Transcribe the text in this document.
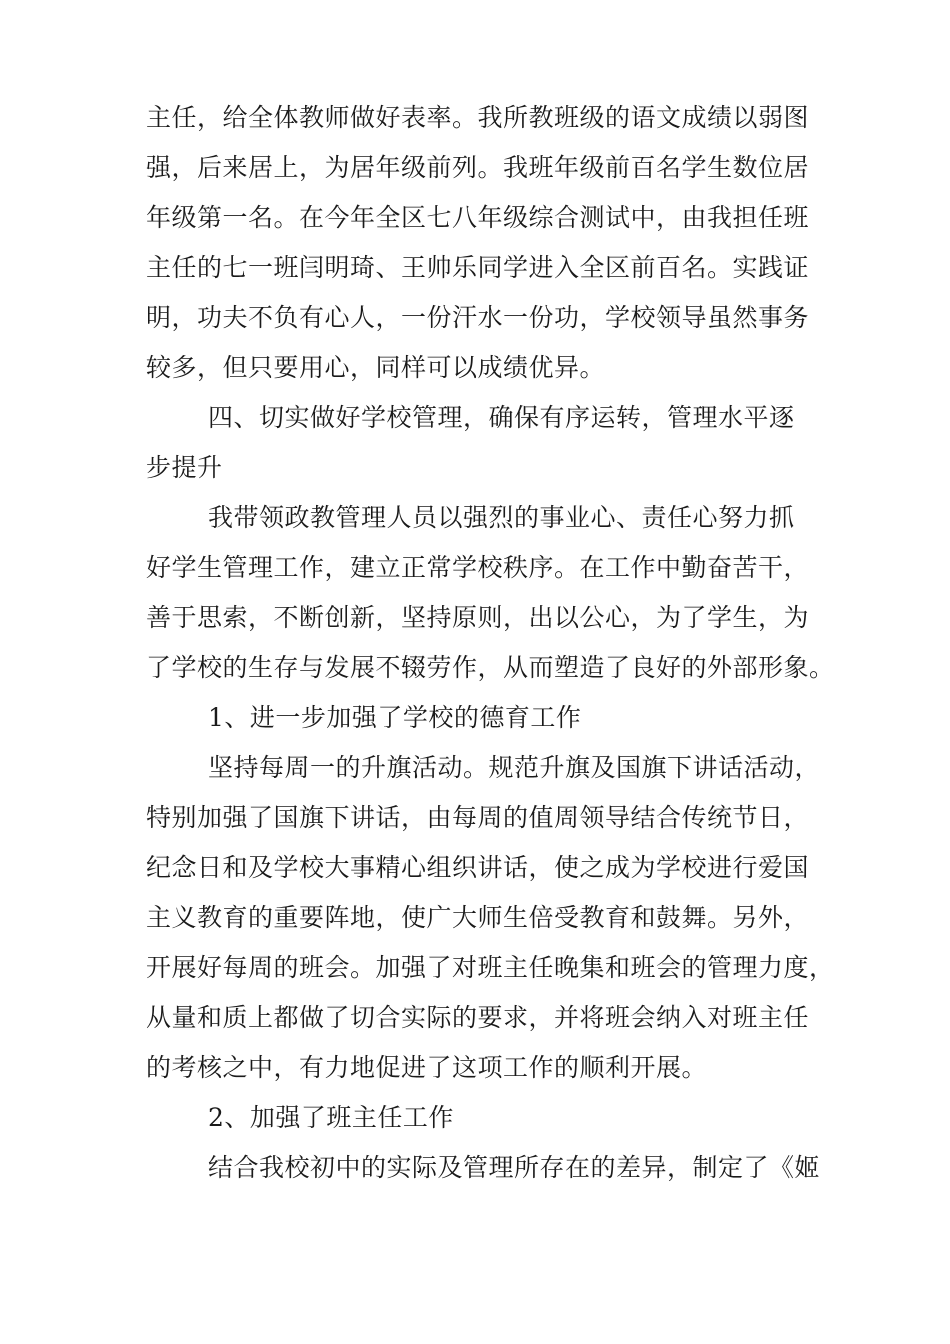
主任，给全体教师做好表率。我所教班级的语文成绩以弱图
强，后来居上，为居年级前列。我班年级前百名学生数位居
年级第一名。在今年全区七八年级综合测试中，由我担任班
主任的七一班闫明琦、王帅乐同学进入全区前百名。实践证
明，功夫不负有心人，一份汗水一份功，学校领导虽然事务
较多，但只要用心，同样可以成绩优异。
四、切实做好学校管理，确保有序运转，管理水平逐
步提升
我带领政教管理人员以强烈的事业心、责任心努力抓
好学生管理工作，建立正常学校秩序。在工作中勤奋苦干，
善于思索，不断创新，坚持原则，出以公心，为了学生，为
了学校的生存与发展不辍劳作，从而塑造了良好的外部形象。
1、进一步加强了学校的德育工作
坚持每周一的升旗活动。规范升旗及国旗下讲话活动，
特别加强了国旗下讲话，由每周的值周领导结合传统节日，
纪念日和及学校大事精心组织讲话，使之成为学校进行爱国
主义教育的重要阵地，使广大师生倍受教育和鼓舞。另外，
开展好每周的班会。加强了对班主任晚集和班会的管理力度，
从量和质上都做了切合实际的要求，并将班会纳入对班主任
的考核之中，有力地促进了这项工作的顺利开展。
2、加强了班主任工作
结合我校初中的实际及管理所存在的差异，制定了《姬
